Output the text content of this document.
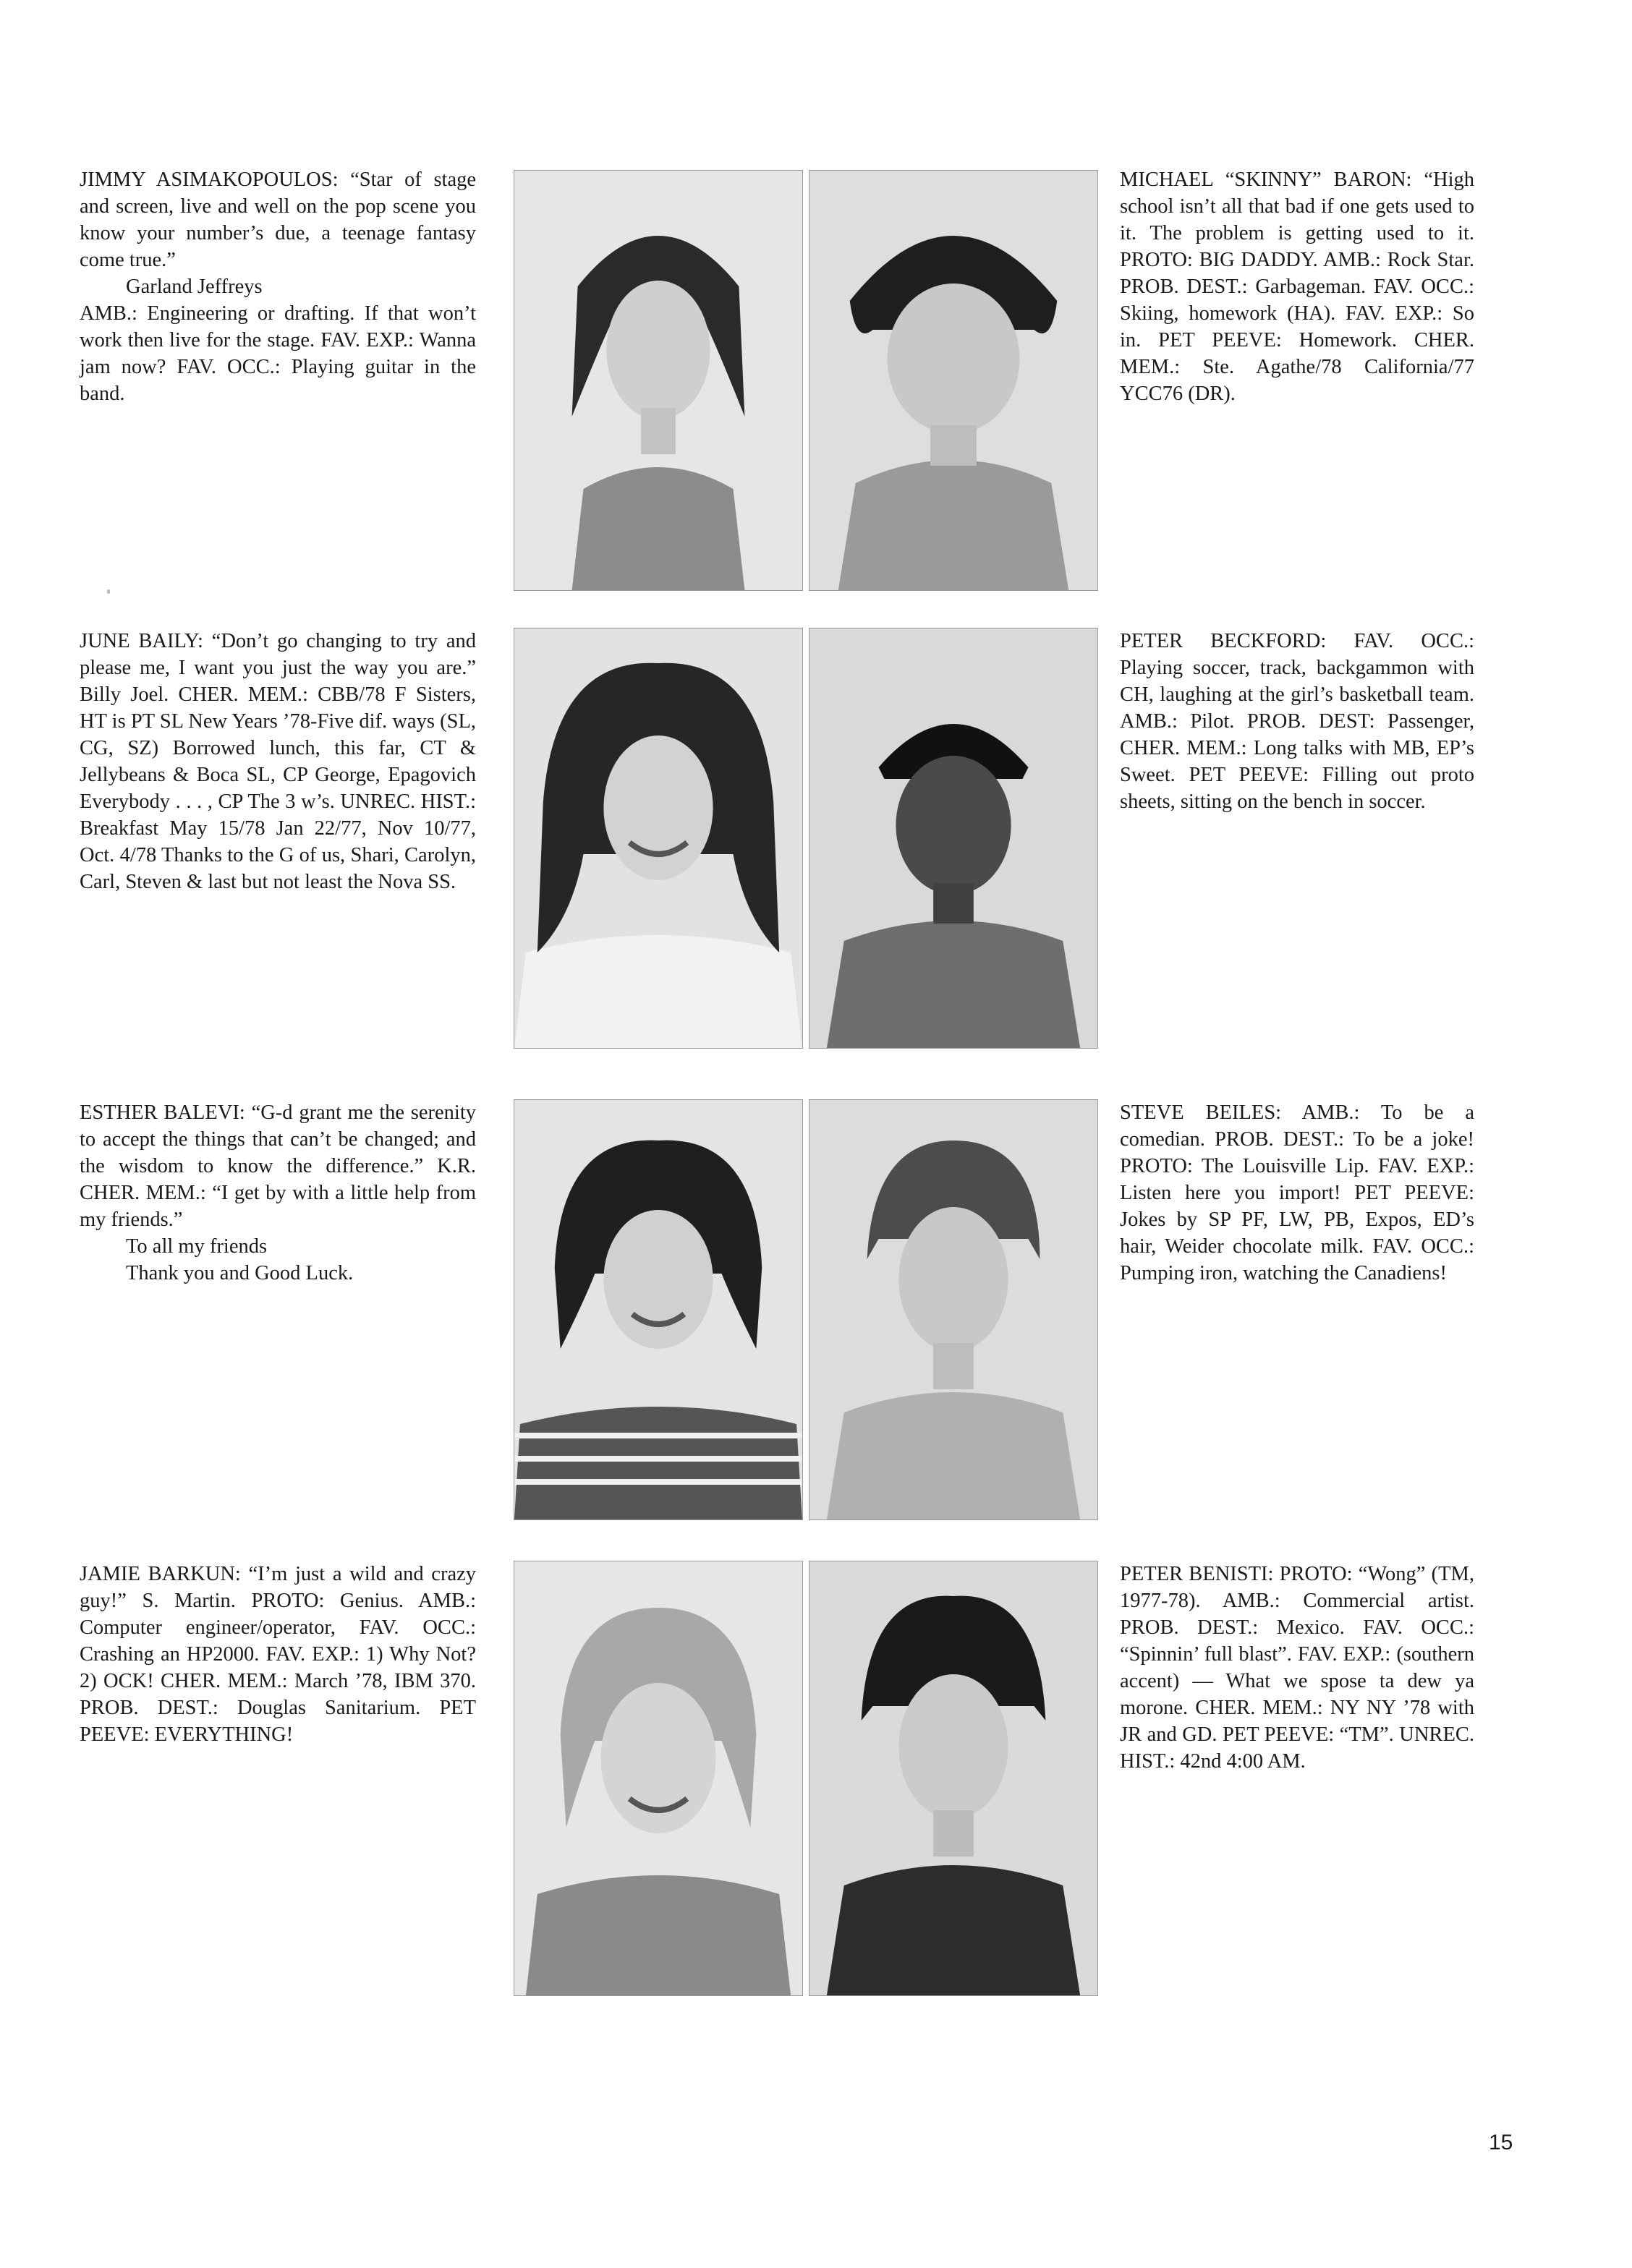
JIMMY ASIMAKOPOULOS: “Star of stage and screen, live and well on the pop scene you know your number’s due, a teenage fantasy come true.”
Garland Jeffreys
AMB.: Engineering or drafting. If that won’t work then live for the stage. FAV. EXP.: Wanna jam now? FAV. OCC.: Playing guitar in the band.
MICHAEL “SKINNY” BARON: “High school isn’t all that bad if one gets used to it. The problem is getting used to it. PROTO: BIG DADDY. AMB.: Rock Star. PROB. DEST.: Garbageman. FAV. OCC.: Skiing, homework (HA). FAV. EXP.: So in. PET PEEVE: Homework. CHER. MEM.: Ste. Agathe/78 California/77 YCC76 (DR).
JUNE BAILY: “Don’t go changing to try and please me, I want you just the way you are.” Billy Joel. CHER. MEM.: CBB/78 F Sisters, HT is PT SL New Years ’78-Five dif. ways (SL, CG, SZ) Borrowed lunch, this far, CT & Jellybeans & Boca SL, CP George, Epagovich Everybody . . . , CP The 3 w’s. UNREC. HIST.: Breakfast May 15/78 Jan 22/77, Nov 10/77, Oct. 4/78 Thanks to the G of us, Shari, Carolyn, Carl, Steven & last but not least the Nova SS.
PETER BECKFORD: FAV. OCC.: Playing soccer, track, backgammon with CH, laughing at the girl’s basketball team. AMB.: Pilot. PROB. DEST: Passenger, CHER. MEM.: Long talks with MB, EP’s Sweet. PET PEEVE: Filling out proto sheets, sitting on the bench in soccer.
ESTHER BALEVI: “G-d grant me the serenity to accept the things that can’t be changed; and the wisdom to know the difference.” K.R. CHER. MEM.: “I get by with a little help from my friends.”
To all my friends
Thank you and Good Luck.
STEVE BEILES: AMB.: To be a comedian. PROB. DEST.: To be a joke! PROTO: The Louisville Lip. FAV. EXP.: Listen here you import! PET PEEVE: Jokes by SP PF, LW, PB, Expos, ED’s hair, Weider chocolate milk. FAV. OCC.: Pumping iron, watching the Canadiens!
JAMIE BARKUN: “I’m just a wild and crazy guy!” S. Martin. PROTO: Genius. AMB.: Computer engineer/operator, FAV. OCC.: Crashing an HP2000. FAV. EXP.: 1) Why Not? 2) OCK! CHER. MEM.: March ’78, IBM 370. PROB. DEST.: Douglas Sanitarium. PET PEEVE: EVERYTHING!
PETER BENISTI: PROTO: “Wong” (TM, 1977-78). AMB.: Commercial artist. PROB. DEST.: Mexico. FAV. OCC.: “Spinnin’ full blast”. FAV. EXP.: (southern accent) — What we spose ta dew ya morone. CHER. MEM.: NY NY ’78 with JR and GD. PET PEEVE: “TM”. UNREC. HIST.: 42nd 4:00 AM.
15
